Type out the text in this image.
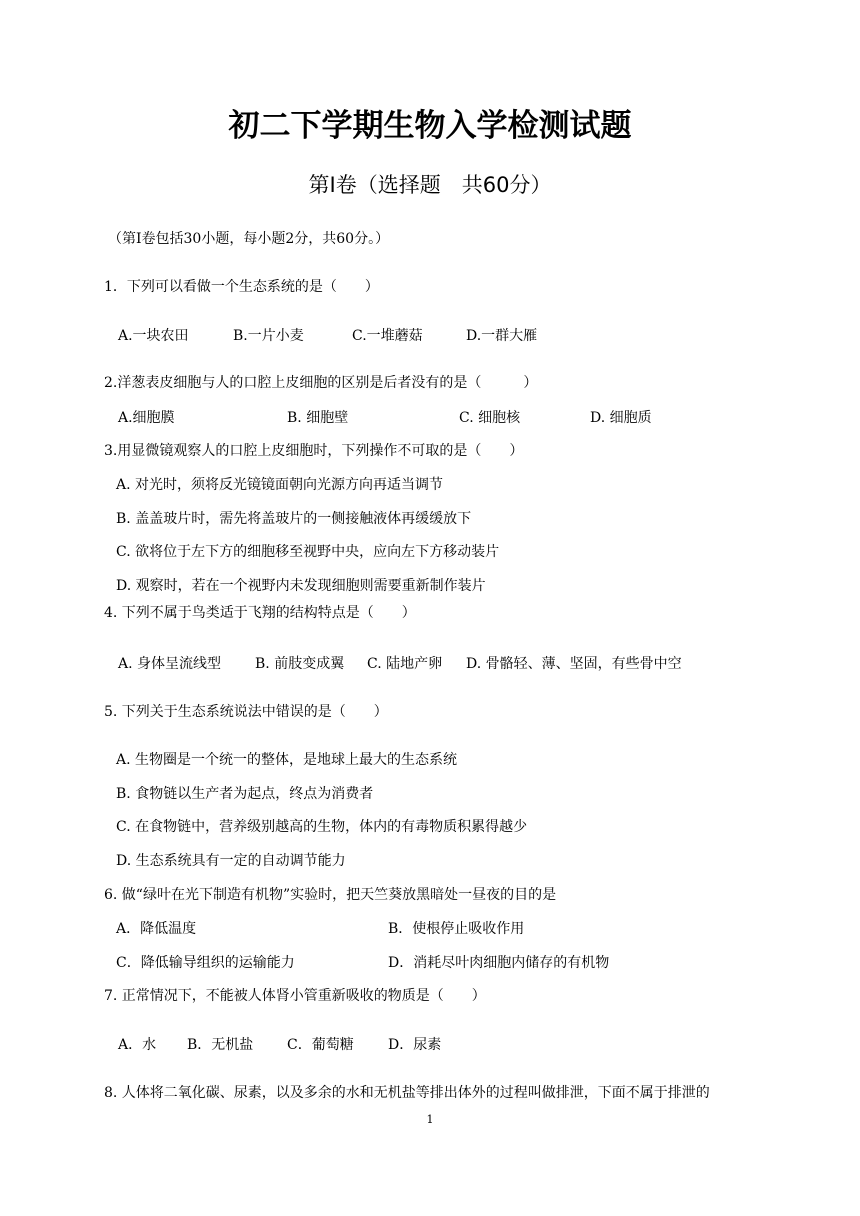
初二下学期生物入学检测试题
第Ⅰ卷（选择题　共60分）
（第Ⅰ卷包括30小题，每小题2分，共60分。）
1．下列可以看做一个生态系统的是（　　）
A.一块农田	B.一片小麦	C.一堆蘑菇	D.一群大雁
2.洋葱表皮细胞与人的口腔上皮细胞的区别是后者没有的是（　　　）
A.细胞膜	B. 细胞壁	C. 细胞核	D. 细胞质
3.用显微镜观察人的口腔上皮细胞时，下列操作不可取的是（　　）
A. 对光时，须将反光镜镜面朝向光源方向再适当调节
B. 盖盖玻片时，需先将盖玻片的一侧接触液体再缓缓放下
C. 欲将位于左下方的细胞移至视野中央，应向左下方移动装片
D. 观察时，若在一个视野内未发现细胞则需要重新制作装片
4. 下列不属于鸟类适于飞翔的结构特点是（　　）
A. 身体呈流线型 B. 前肢变成翼 C. 陆地产卵 D. 骨骼轻、薄、坚固，有些骨中空
5. 下列关于生态系统说法中错误的是（　　）
A. 生物圈是一个统一的整体，是地球上最大的生态系统
B. 食物链以生产者为起点，终点为消费者
C. 在食物链中，营养级别越高的生物，体内的有毒物质积累得越少
D. 生态系统具有一定的自动调节能力
6. 做“绿叶在光下制造有机物”实验时，把天竺葵放黑暗处一昼夜的目的是
A．降低温度	B．使根停止吸收作用
C．降低输导组织的运输能力	D．消耗尽叶肉细胞内储存的有机物
7. 正常情况下，不能被人体肾小管重新吸收的物质是（　　）
A．水 B．无机盐 C．葡萄糖 D．尿素
8. 人体将二氧化碳、尿素，以及多余的水和无机盐等排出体外的过程叫做排泄，下面不属于排泄的
1
